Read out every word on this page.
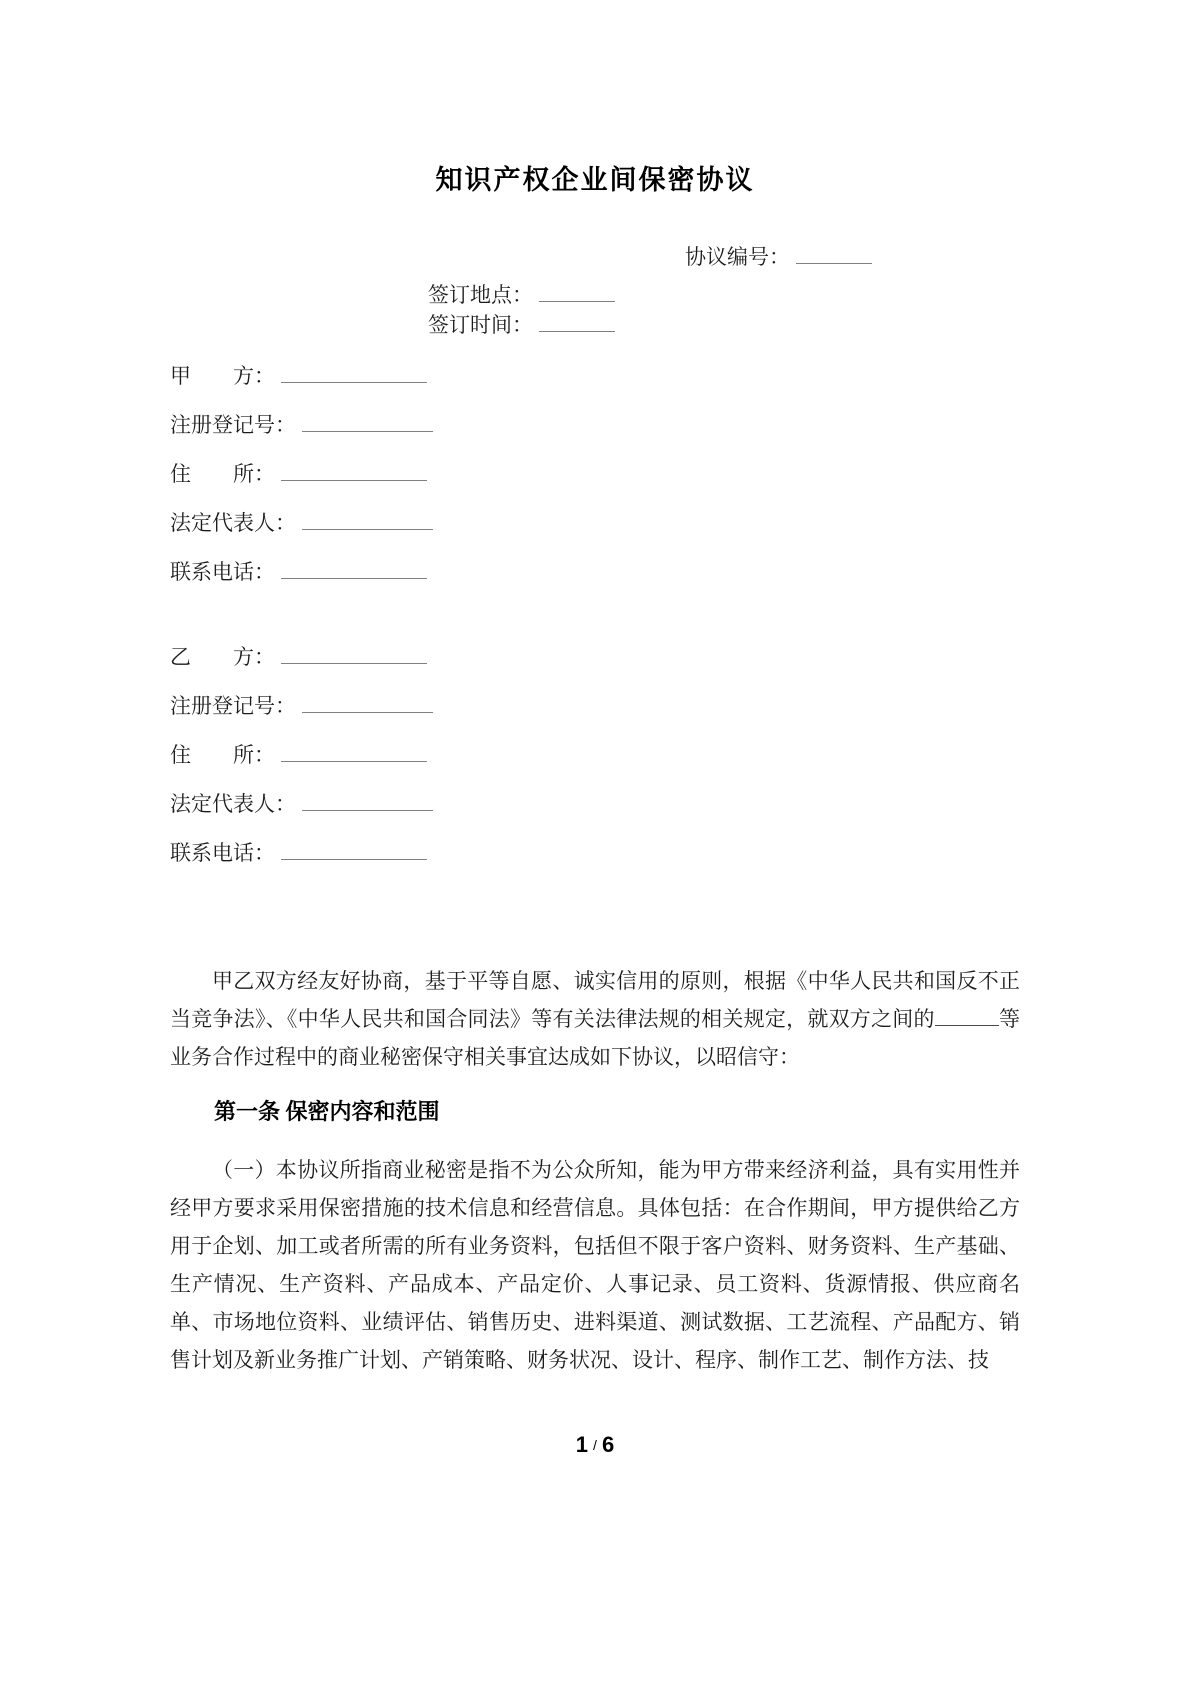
知识产权企业间保密协议
协议编号：
签订地点：
签订时间：
甲　　方：
注册登记号：
住　　所：
法定代表人：
联系电话：
乙　　方：
注册登记号：
住　　所：
法定代表人：
联系电话：

甲乙双方经友好协商，基于平等自愿、诚实信用的原则，根据《中华人民共和国反不正当竞争法》、《中华人民共和国合同法》等有关法律法规的相关规定，就双方之间的	等业务合作过程中的商业秘密保守相关事宜达成如下协议，以昭信守：

第一条 保密内容和范围

（一）本协议所指商业秘密是指不为公众所知，能为甲方带来经济利益，具有实用性并经甲方要求采用保密措施的技术信息和经营信息。具体包括：在合作期间，甲方提供给乙方用于企划、加工或者所需的所有业务资料，包括但不限于客户资料、财务资料、生产基础、生产情况、生产资料、产品成本、产品定价、人事记录、员工资料、货源情报、供应商名单、市场地位资料、业绩评估、销售历史、进料渠道、测试数据、工艺流程、产品配方、销售计划及新业务推广计划、产销策略、财务状况、设计、程序、制作工艺、制作方法、技

1 / 6
